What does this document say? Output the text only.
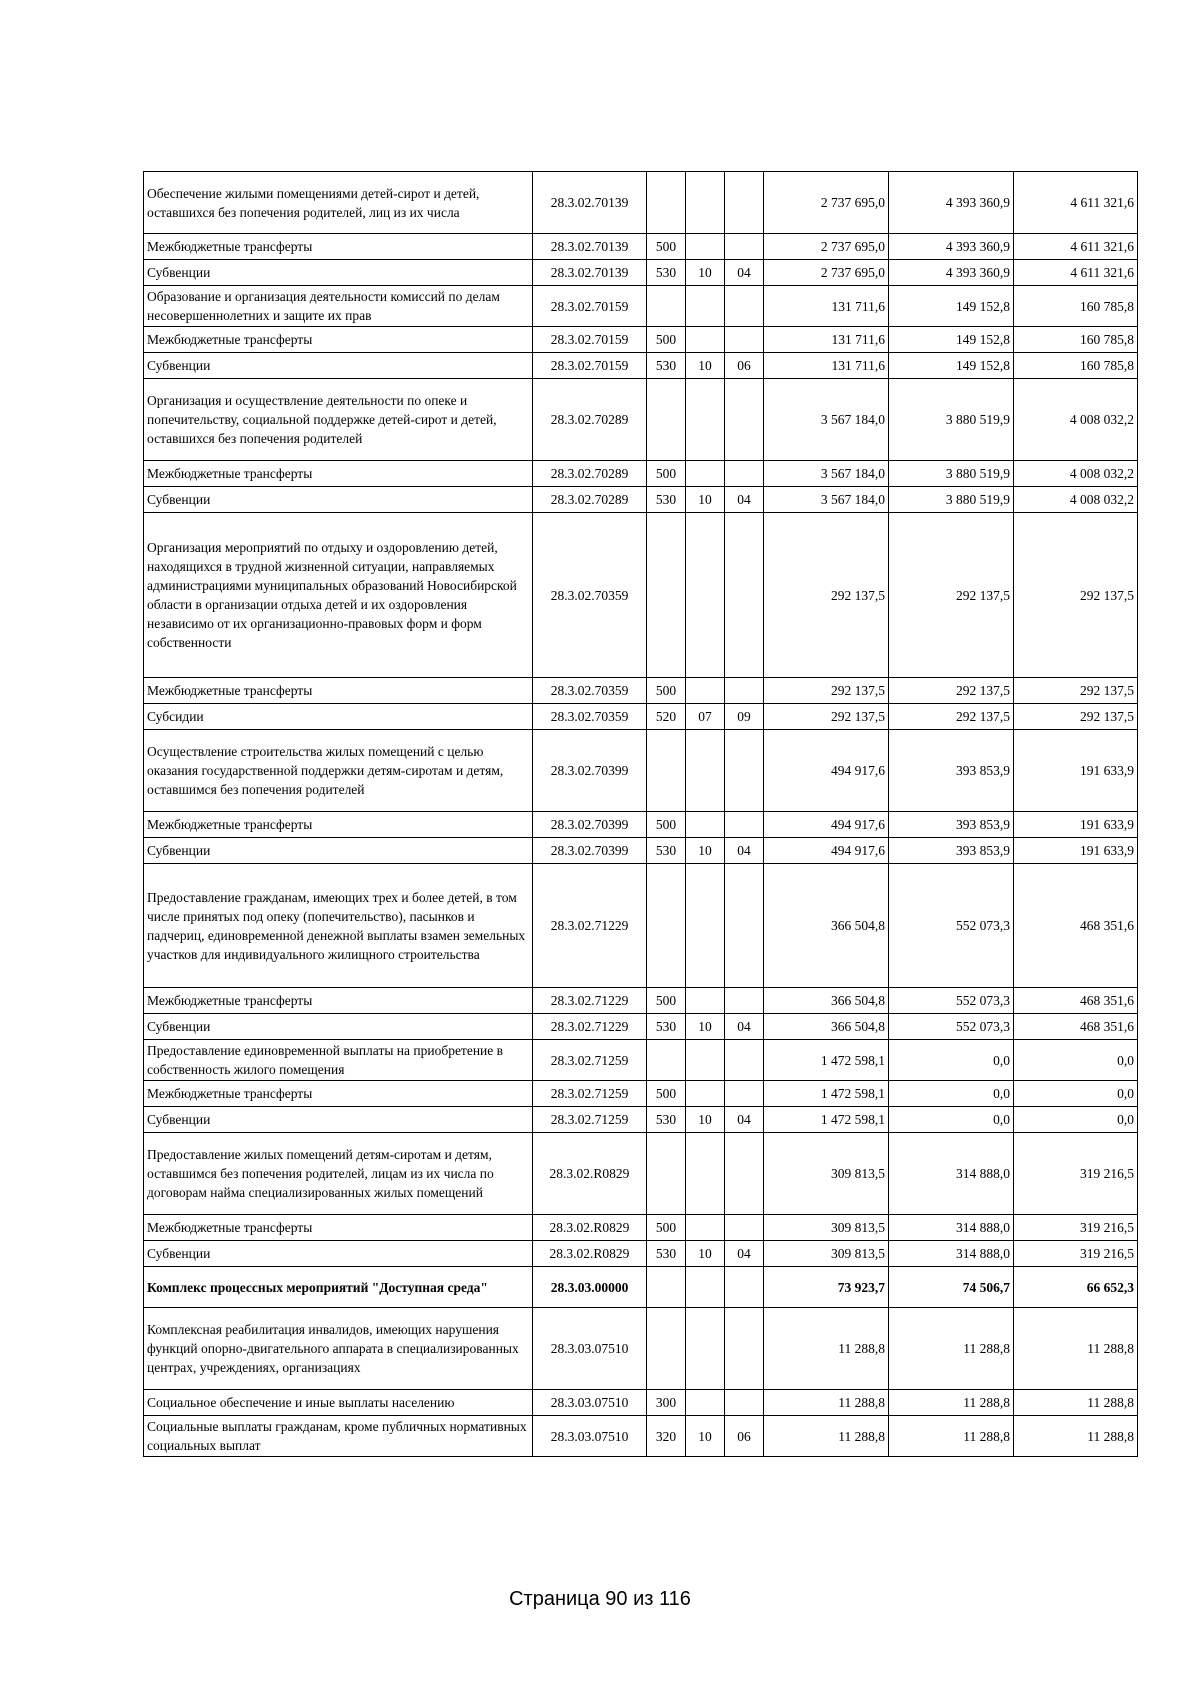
Обеспечение жилыми помещениями детей-сирот и детей, оставшихся без попечения родителей, лиц из их числа	28.3.02.70139				2 737 695,0	4 393 360,9	4 611 321,6
Межбюджетные трансферты	28.3.02.70139	500			2 737 695,0	4 393 360,9	4 611 321,6
Субвенции	28.3.02.70139	530	10	04	2 737 695,0	4 393 360,9	4 611 321,6
Образование и организация деятельности комиссий по делам несовершеннолетних и защите их прав	28.3.02.70159				131 711,6	149 152,8	160 785,8
Межбюджетные трансферты	28.3.02.70159	500			131 711,6	149 152,8	160 785,8
Субвенции	28.3.02.70159	530	10	06	131 711,6	149 152,8	160 785,8
Организация и осуществление деятельности по опеке и попечительству, социальной поддержке детей-сирот и детей, оставшихся без попечения родителей	28.3.02.70289				3 567 184,0	3 880 519,9	4 008 032,2
Межбюджетные трансферты	28.3.02.70289	500			3 567 184,0	3 880 519,9	4 008 032,2
Субвенции	28.3.02.70289	530	10	04	3 567 184,0	3 880 519,9	4 008 032,2
Организация мероприятий по отдыху и оздоровлению детей, находящихся в трудной жизненной ситуации, направляемых администрациями муниципальных образований Новосибирской области в организации отдыха детей и их оздоровления независимо от их организационно-правовых форм и форм собственности	28.3.02.70359				292 137,5	292 137,5	292 137,5
Межбюджетные трансферты	28.3.02.70359	500			292 137,5	292 137,5	292 137,5
Субсидии	28.3.02.70359	520	07	09	292 137,5	292 137,5	292 137,5
Осуществление строительства жилых помещений с целью оказания государственной поддержки детям-сиротам и детям, оставшимся без попечения родителей	28.3.02.70399				494 917,6	393 853,9	191 633,9
Межбюджетные трансферты	28.3.02.70399	500			494 917,6	393 853,9	191 633,9
Субвенции	28.3.02.70399	530	10	04	494 917,6	393 853,9	191 633,9
Предоставление гражданам, имеющих трех и более детей, в том числе принятых под опеку (попечительство), пасынков и падчериц, единовременной денежной выплаты взамен земельных участков для индивидуального жилищного строительства	28.3.02.71229				366 504,8	552 073,3	468 351,6
Межбюджетные трансферты	28.3.02.71229	500			366 504,8	552 073,3	468 351,6
Субвенции	28.3.02.71229	530	10	04	366 504,8	552 073,3	468 351,6
Предоставление единовременной выплаты на приобретение в собственность жилого помещения	28.3.02.71259				1 472 598,1	0,0	0,0
Межбюджетные трансферты	28.3.02.71259	500			1 472 598,1	0,0	0,0
Субвенции	28.3.02.71259	530	10	04	1 472 598,1	0,0	0,0
Предоставление жилых помещений детям-сиротам и детям, оставшимся без попечения родителей, лицам из их числа по договорам найма специализированных жилых помещений	28.3.02.R0829				309 813,5	314 888,0	319 216,5
Межбюджетные трансферты	28.3.02.R0829	500			309 813,5	314 888,0	319 216,5
Субвенции	28.3.02.R0829	530	10	04	309 813,5	314 888,0	319 216,5
Комплекс процессных мероприятий "Доступная среда"	28.3.03.00000				73 923,7	74 506,7	66 652,3
Комплексная реабилитация инвалидов, имеющих нарушения функций опорно-двигательного аппарата в специализированных центрах, учреждениях, организациях	28.3.03.07510				11 288,8	11 288,8	11 288,8
Социальное обеспечение и иные выплаты населению	28.3.03.07510	300			11 288,8	11 288,8	11 288,8
Социальные выплаты гражданам, кроме публичных нормативных социальных выплат	28.3.03.07510	320	10	06	11 288,8	11 288,8	11 288,8
Страница 90 из 116
